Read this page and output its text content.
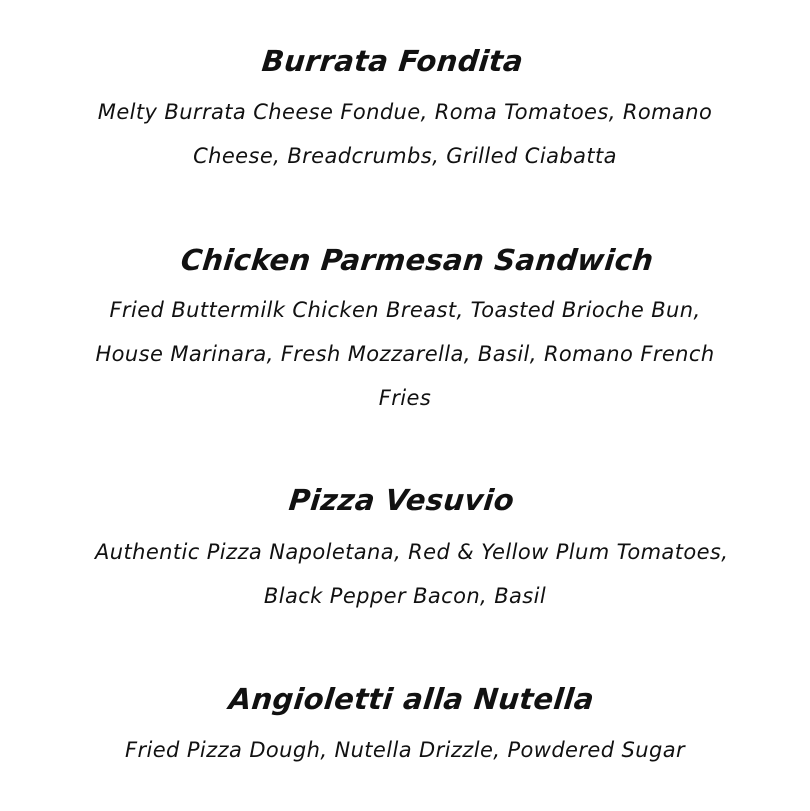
Burrata Fondita
Melty Burrata Cheese Fondue, Roma Tomatoes, Romano
Cheese, Breadcrumbs, Grilled Ciabatta
Chicken Parmesan Sandwich
Fried Buttermilk Chicken Breast, Toasted Brioche Bun,
House Marinara, Fresh Mozzarella, Basil, Romano French
Fries
Pizza Vesuvio
Authentic Pizza Napoletana, Red & Yellow Plum Tomatoes,
Black Pepper Bacon, Basil
Angioletti alla Nutella
Fried Pizza Dough, Nutella Drizzle, Powdered Sugar
